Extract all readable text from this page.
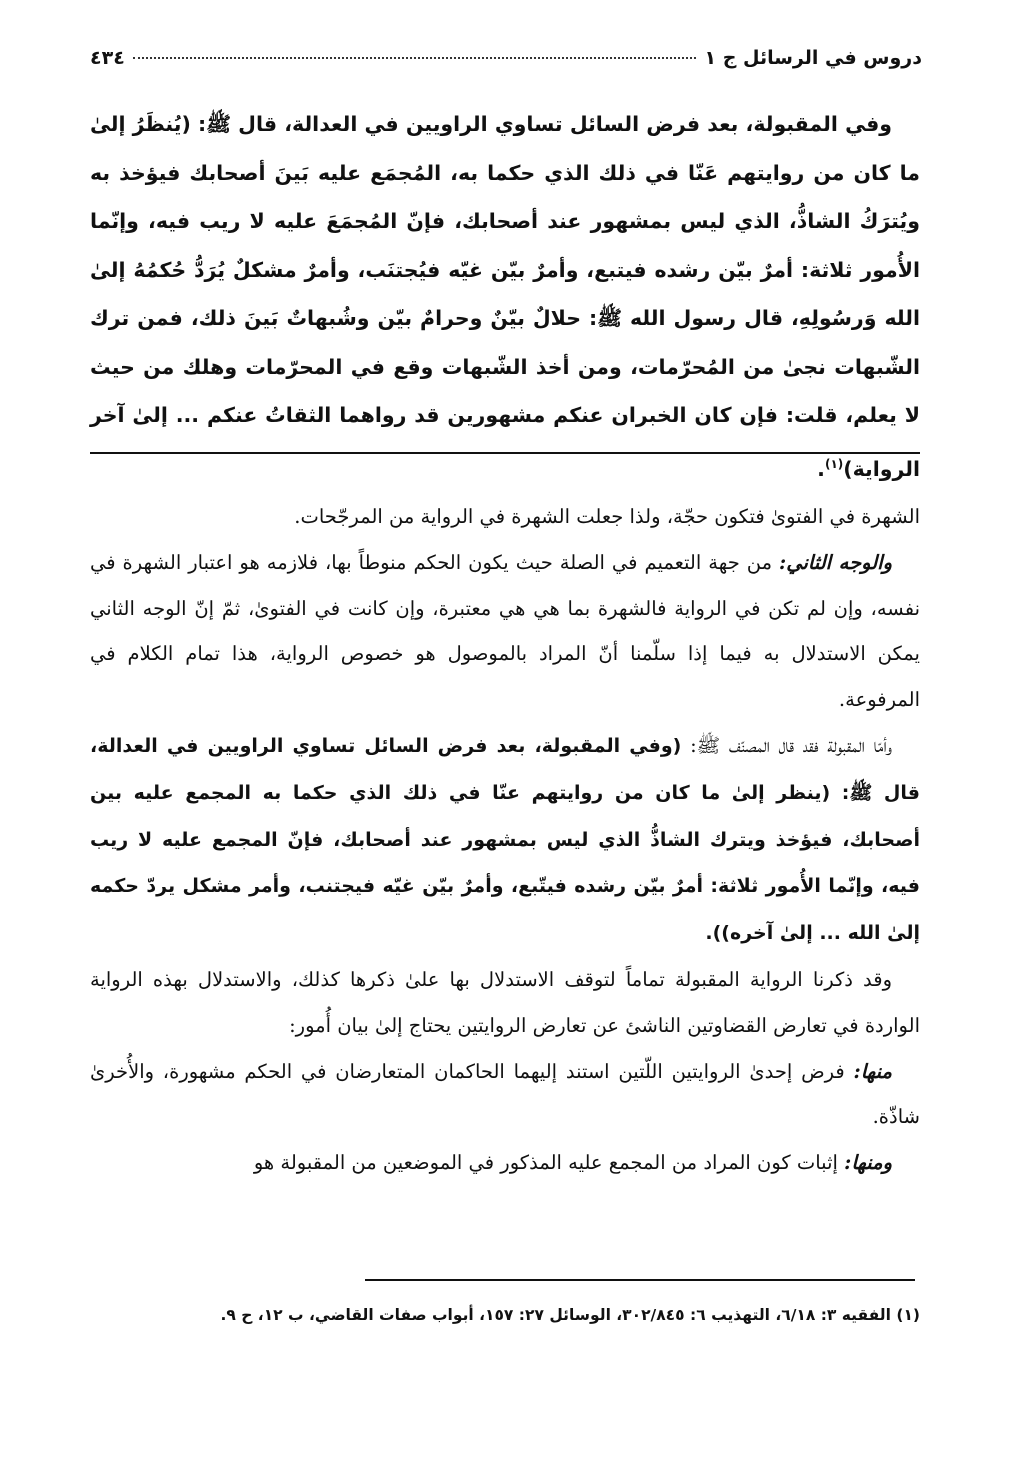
٤٣٤	دروس في الرسائل ج ١

وفي المقبولة، بعد فرض السائل تساوي الراويين في العدالة، قال ﷺ: (يُنظَرُ إلىٰ ما كان من روايتهم عَنّا في ذلك الذي حكما به، المُجمَع عليه بَينَ أصحابك فيؤخذ به ويُترَكُ الشاذُّ، الذي ليس بمشهور عند أصحابك، فإنّ المُجمَعَ عليه لا ريب فيه، وإنّما الأُمور ثلاثة: أمرٌ بيّن رشده فيتبع، وأمرٌ بيّن غيّه فيُجتنَب، وأمرٌ مشكلٌ يُرَدُّ حُكمُهُ إلىٰ الله وَرسُولِهِ، قال رسول الله ﷺ: حلالٌ بيّنٌ وحرامٌ بيّن وشُبهاتٌ بَينَ ذلك، فمن ترك الشّبهات نجىٰ من المُحرّمات، ومن أخذ الشّبهات وقع في المحرّمات وهلك من حيث لا يعلم، قلت: فإن كان الخبران عنكم مشهورين قد رواهما الثقاتُ عنكم ... إلىٰ آخر الرواية)$^{(١)}$.

الشهرة في الفتوىٰ فتكون حجّة، ولذا جعلت الشهرة في الرواية من المرجّحات.

والوجه الثاني: من جهة التعميم في الصلة حيث يكون الحكم منوطاً بها، فلازمه هو اعتبار الشهرة في نفسه، وإن لم تكن في الرواية فالشهرة بما هي هي معتبرة، وإن كانت في الفتوىٰ، ثمّ إنّ الوجه الثاني يمكن الاستدلال به فيما إذا سلّمنا أنّ المراد بالموصول هو خصوص الرواية، هذا تمام الكلام في المرفوعة.

وأمّا المقبولة فقد قال المصنّف ﷺ: (وفي المقبولة، بعد فرض السائل تساوي الراويين في العدالة، قال ﷺ: (ينظر إلىٰ ما كان من روايتهم عنّا في ذلك الذي حكما به المجمع عليه بين أصحابك، فيؤخذ ويترك الشاذُّ الذي ليس بمشهور عند أصحابك، فإنّ المجمع عليه لا ريب فيه، وإنّما الأُمور ثلاثة: أمرٌ بيّن رشده فيتّبع، وأمرٌ بيّن غيّه فيجتنب، وأمر مشكل يردّ حكمه إلىٰ الله ... إلىٰ آخره)).

وقد ذكرنا الرواية المقبولة تماماً لتوقف الاستدلال بها علىٰ ذكرها كذلك، والاستدلال بهذه الرواية الواردة في تعارض القضاوتين الناشئ عن تعارض الروايتين يحتاج إلىٰ بيان أُمور:

منها: فرض إحدىٰ الروايتين اللّتين استند إليهما الحاكمان المتعارضان في الحكم مشهورة، والأُخرىٰ شاذّة.

ومنها: إثبات كون المراد من المجمع عليه المذكور في الموضعين من المقبولة هو

(١) الفقيه ٣: ٦/١٨، التهذيب ٦: ٣٠٢/٨٤٥، الوسائل ٢٧: ١٥٧، أبواب صفات القاضي، ب ١٢، ح ٩.
